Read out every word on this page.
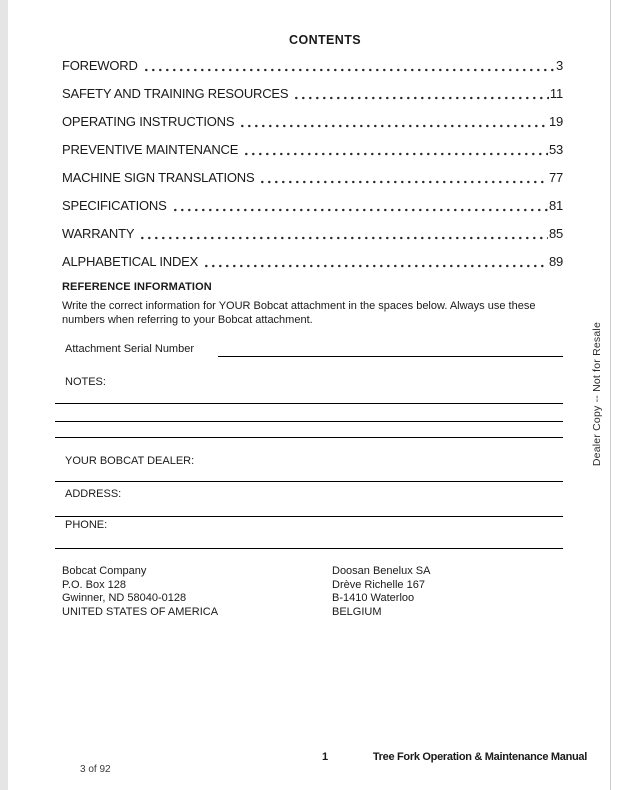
CONTENTS
FOREWORD	3
SAFETY AND TRAINING RESOURCES	11
OPERATING INSTRUCTIONS	19
PREVENTIVE MAINTENANCE	53
MACHINE SIGN TRANSLATIONS	77
SPECIFICATIONS	81
WARRANTY	85
ALPHABETICAL INDEX	89
REFERENCE INFORMATION

Write the correct information for YOUR Bobcat attachment in the spaces below. Always use these numbers when referring to your Bobcat attachment.

Attachment Serial Number
NOTES:
YOUR BOBCAT DEALER:
ADDRESS:
PHONE:
Bobcat Company
P.O. Box 128
Gwinner, ND 58040-0128
UNITED STATES OF AMERICA
Doosan Benelux SA
Drève Richelle 167
B-1410 Waterloo
BELGIUM
Dealer Copy -- Not for Resale
1	Tree Fork Operation & Maintenance Manual
3 of 92
